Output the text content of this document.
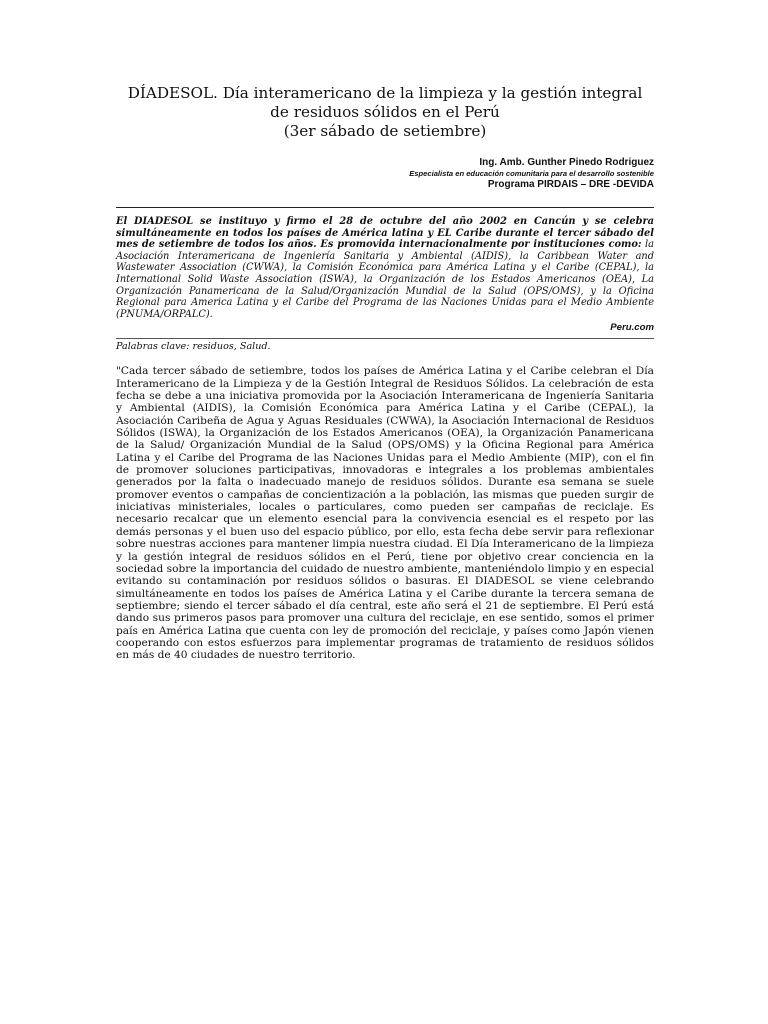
DÍADESOL. Día interamericano de la limpieza y la gestión integral
de residuos sólidos en el Perú
(3er sábado de setiembre)
Ing. Amb. Gunther Pinedo Rodriguez
Especialista en educación comunitaria para el desarrollo sostenible
Programa PIRDAIS – DRE -DEVIDA
El DIADESOL se instituyo y firmo el 28 de octubre del año 2002 en Cancún y se celebra simultáneamente en todos los países de América latina y EL Caribe durante el tercer sábado del mes de setiembre de todos los años. Es promovida internacionalmente por instituciones como: la Asociación Interamericana de Ingeniería Sanitaria y Ambiental (AIDIS), la Caribbean Water and Wastewater Association (CWWA), la Comisión Económica para América Latina y el Caribe (CEPAL), la International Solid Waste Association (ISWA), la Organización de los Estados Americanos (OEA), La Organización Panamericana de la Salud/Organización Mundial de la Salud (OPS/OMS), y la Oficina Regional para America Latina y el Caribe del Programa de las Naciones Unidas para el Medio Ambiente (PNUMA/ORPALC).
Peru.com
Palabras clave: residuos, Salud.
"Cada tercer sábado de setiembre, todos los países de América Latina y el Caribe celebran el Día Interamericano de la Limpieza y de la Gestión Integral de Residuos Sólidos. La celebración de esta fecha se debe a una iniciativa promovida por la Asociación Interamericana de Ingeniería Sanitaria y Ambiental (AIDIS), la Comisión Económica para América Latina y el Caribe (CEPAL), la Asociación Caribeña de Agua y Aguas Residuales (CWWA), la Asociación Internacional de Residuos Sólidos (ISWA), la Organización de los Estados Americanos (OEA), la Organización Panamericana de la Salud/ Organización Mundial de la Salud (OPS/OMS) y la Oficina Regional para América Latina y el Caribe del Programa de las Naciones Unidas para el Medio Ambiente (MIP), con el fin de promover soluciones participativas, innovadoras e integrales a los problemas ambientales generados por la falta o inadecuado manejo de residuos sólidos. Durante esa semana se suele promover eventos o campañas de concientización a la población, las mismas que pueden surgir de iniciativas ministeriales, locales o particulares, como pueden ser campañas de reciclaje. Es necesario recalcar que un elemento esencial para la convivencia esencial es el respeto por las demás personas y el buen uso del espacio público, por ello, esta fecha debe servir para reflexionar sobre nuestras acciones para mantener limpia nuestra ciudad. El Día Interamericano de la limpieza y la gestión integral de residuos sólidos en el Perú, tiene por objetivo crear conciencia en la sociedad sobre la importancia del cuidado de nuestro ambiente, manteniéndolo limpio y en especial evitando su contaminación por residuos sólidos o basuras. El DIADESOL se viene celebrando simultáneamente en todos los países de América Latina y el Caribe durante la tercera semana de septiembre; siendo el tercer sábado el día central, este año será el 21 de septiembre. El Perú está dando sus primeros pasos para promover una cultura del reciclaje, en ese sentido, somos el primer país en América Latina que cuenta con ley de promoción del reciclaje, y países como Japón vienen cooperando con estos esfuerzos para implementar programas de tratamiento de residuos sólidos en más de 40 ciudades de nuestro territorio.
